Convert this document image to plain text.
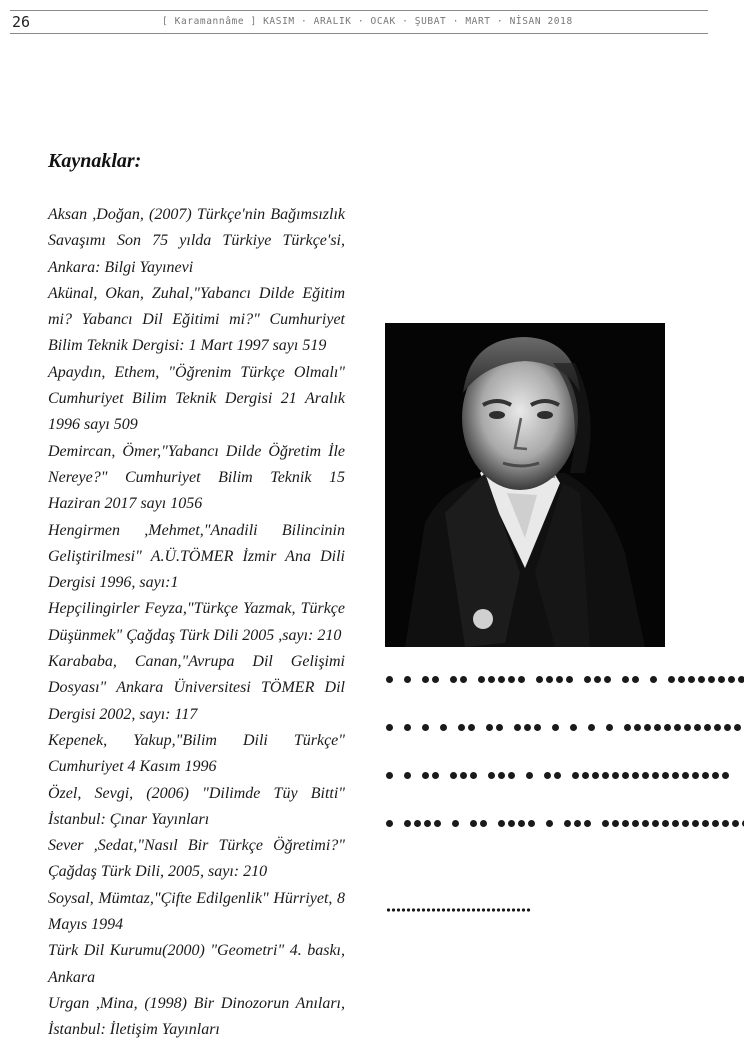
26	[ Karamannâme ] KASIM · ARALIK · OCAK · ŞUBAT · MART · NİSAN 2018
Kaynaklar:

Aksan ,Doğan, (2007) Türkçe'nin Bağımsızlık Savaşımı Son 75 yılda Türkiye Türkçe'si, Ankara: Bilgi Yayınevi

Akünal, Okan, Zuhal,"Yabancı Dilde Eğitim mi? Yabancı Dil Eğitimi mi?" Cumhuriyet Bilim Teknik Dergisi: 1 Mart 1997 sayı 519

Apaydın, Ethem, "Öğrenim Türkçe Olmalı" Cumhuriyet Bilim Teknik Dergisi 21 Aralık 1996 sayı 509

Demircan, Ömer,"Yabancı Dilde Öğretim İle Nereye?" Cumhuriyet Bilim Teknik 15 Haziran 2017 sayı 1056

Hengirmen ,Mehmet,"Anadili Bilincinin Geliştirilmesi" A.Ü.TÖMER İzmir Ana Dili Dergisi 1996, sayı:1

Hepçilingirler Feyza,"Türkçe Yazmak, Türkçe Düşünmek" Çağdaş Türk Dili 2005 ,sayı: 210

Karababa, Canan,"Avrupa Dil Gelişimi Dosyası" Ankara Üniversitesi TÖMER Dil Dergisi 2002, sayı: 117

Kepenek, Yakup,"Bilim Dili Türkçe" Cumhuriyet 4 Kasım 1996

Özel, Sevgi, (2006) "Dilimde Tüy Bitti" İstanbul: Çınar Yayınları

Sever ,Sedat,"Nasıl Bir Türkçe Öğretimi?" Çağdaş Türk Dili, 2005, sayı: 210

Soysal, Mümtaz,"Çifte Edilgenlik" Hürriyet, 8 Mayıs 1994

Türk Dil Kurumu(2000) "Geometri" 4. baskı, Ankara

Urgan ,Mina, (1998) Bir Dinozorun Anıları, İstanbul: İletişim Yayınları
